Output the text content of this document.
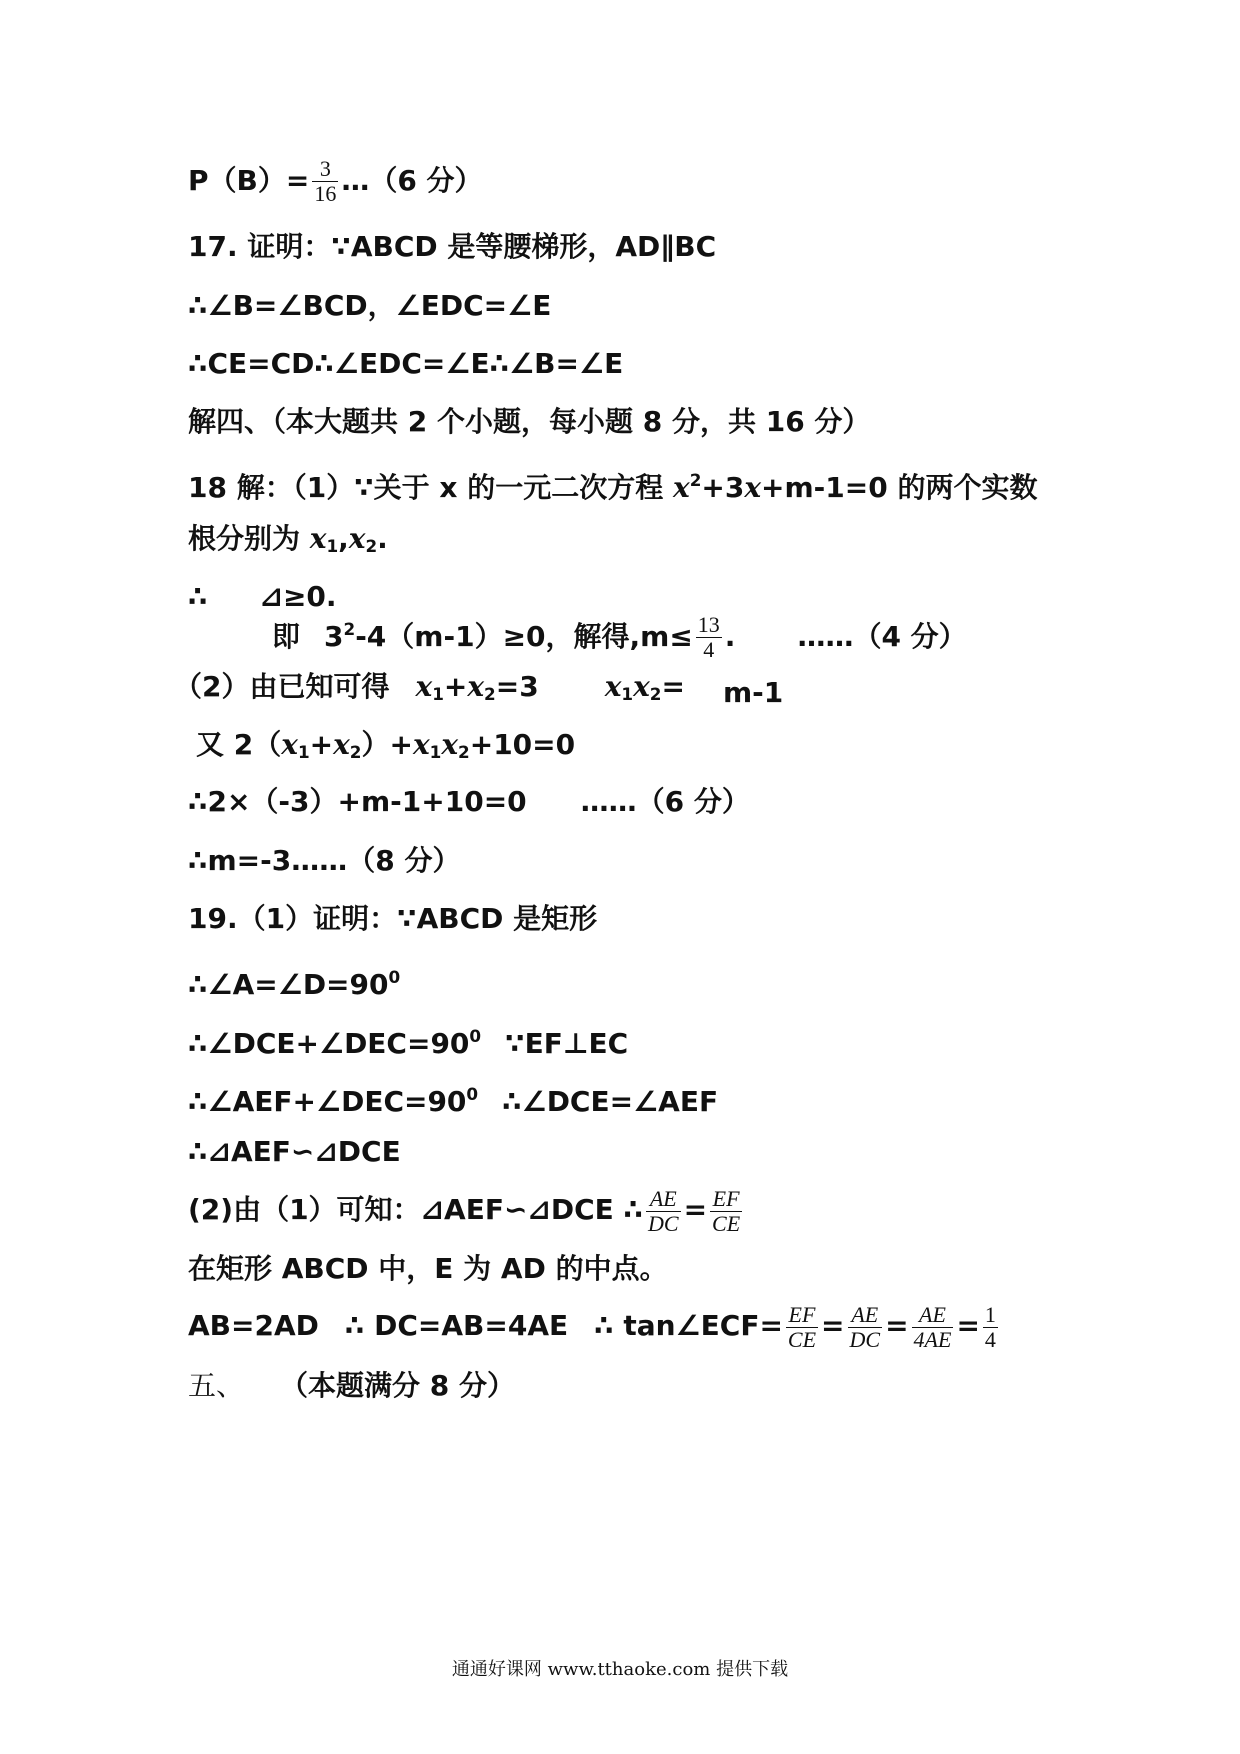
$P(B)= \frac{3}{16}$ …（6 分）
17. 证明：∵ABCD 是等腰梯形，AD∥BC
∴∠B=∠BCD，∠EDC=∠E
∴CE=CD∴∠EDC=∠E∴∠B=∠E
解四、（本大题共 2 个小题，每小题 8 分，共 16 分）
18 解：（1）∵关于 x 的一元二次方程 $x^2+3x+m-1=0$ 的两个实数
根分别为 $x_1,x_2$.
∴ ⊿≥0.
即 $3^2-4(m-1)\ge 0$，解得$,m\le \frac{13}{4}$ . ……（4 分）
（2）由已知可得 $x_1+x_2=3$ $x_1x_2= m-1$
又 $2(x_1+x_2)+x_1x_2+10=0$
∴2×（-3）+m-1+10=0 ……（6 分）
∴m=-3……（8 分）
19.（1）证明：∵ABCD 是矩形
$\therefore\angle A=\angle D=90^0$
$\therefore\angle DCE+\angle DEC=90^0$ ∵EF⊥EC
$\therefore\angle AEF+\angle DEC=90^0$ ∴∠DCE=∠AEF
∴⊿AEF∽⊿DCE
(2)由（1）可知：⊿AEF∽⊿DCE ∴ $\frac{AE}{DC} = \frac{EF}{CE}$
在矩形 ABCD 中，E 为 AD 的中点。
AB=2AD ∴ DC=AB=4AE ∴ tan∠ECF= $\frac{EF}{CE} = \frac{AE}{DC} = \frac{AE}{4AE} = \frac{1}{4}$
五、 （本题满分 8 分）
通通好课网 www.tthaoke.com 提供下载
